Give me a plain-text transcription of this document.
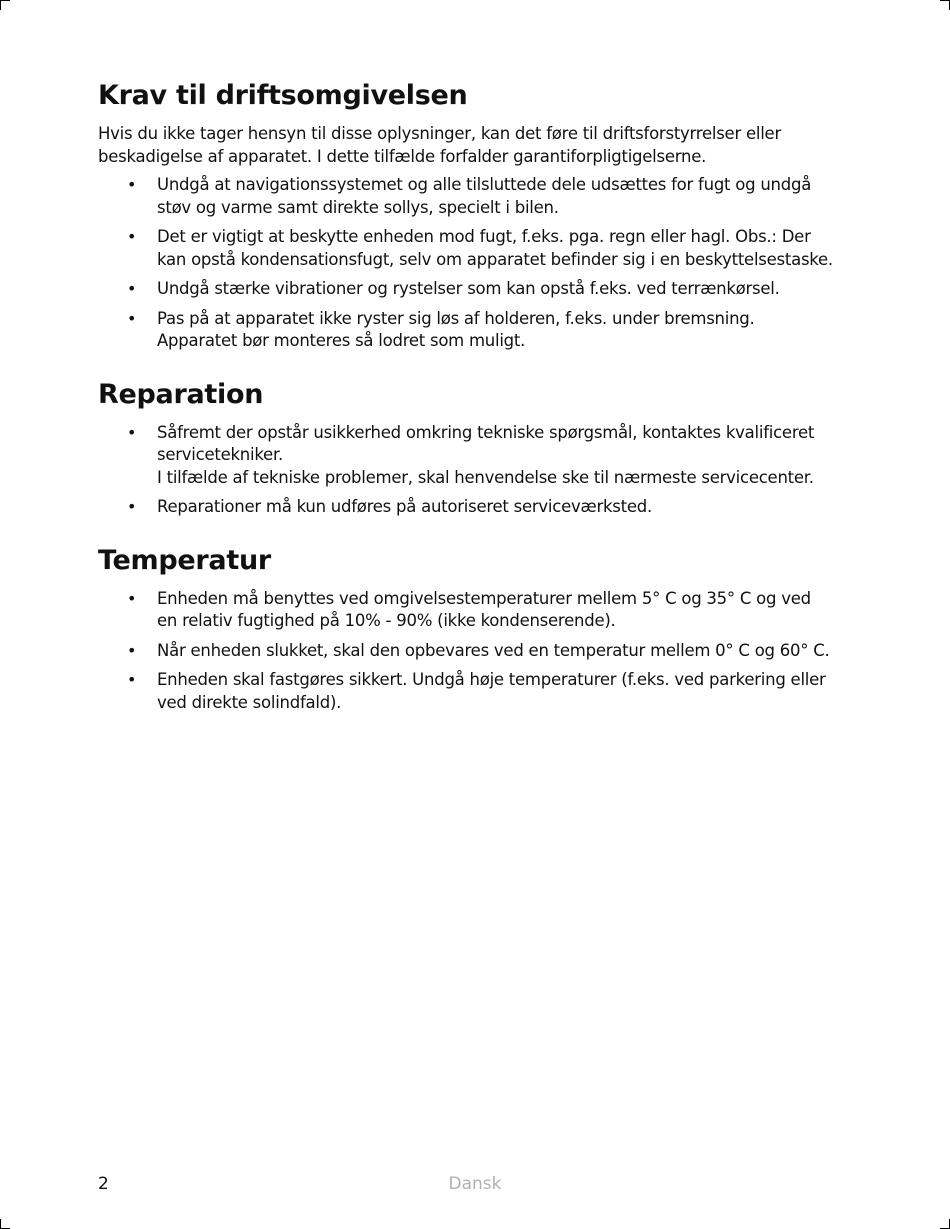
Krav til driftsomgivelsen

Hvis du ikke tager hensyn til disse oplysninger, kan det føre til driftsforstyrrelser eller
beskadigelse af apparatet. I dette tilfælde forfalder garantiforpligtigelserne.

• Undgå at navigationssystemet og alle tilsluttede dele udsættes for fugt og undgå
støv og varme samt direkte sollys, specielt i bilen.
• Det er vigtigt at beskytte enheden mod fugt, f.eks. pga. regn eller hagl. Obs.: Der
kan opstå kondensationsfugt, selv om apparatet befinder sig i en beskyttelsestaske.
• Undgå stærke vibrationer og rystelser som kan opstå f.eks. ved terrænkørsel.
• Pas på at apparatet ikke ryster sig løs af holderen, f.eks. under bremsning.
Apparatet bør monteres så lodret som muligt.
Reparation
• Såfremt der opstår usikkerhed omkring tekniske spørgsmål, kontaktes kvalificeret
servicetekniker.
I tilfælde af tekniske problemer, skal henvendelse ske til nærmeste servicecenter.
• Reparationer må kun udføres på autoriseret serviceværksted.
Temperatur
• Enheden må benyttes ved omgivelsestemperaturer mellem 5° C og 35° C og ved
en relativ fugtighed på 10% - 90% (ikke kondenserende).
• Når enheden slukket, skal den opbevares ved en temperatur mellem 0° C og 60° C.
• Enheden skal fastgøres sikkert. Undgå høje temperaturer (f.eks. ved parkering eller
ved direkte solindfald).
2	Dansk
